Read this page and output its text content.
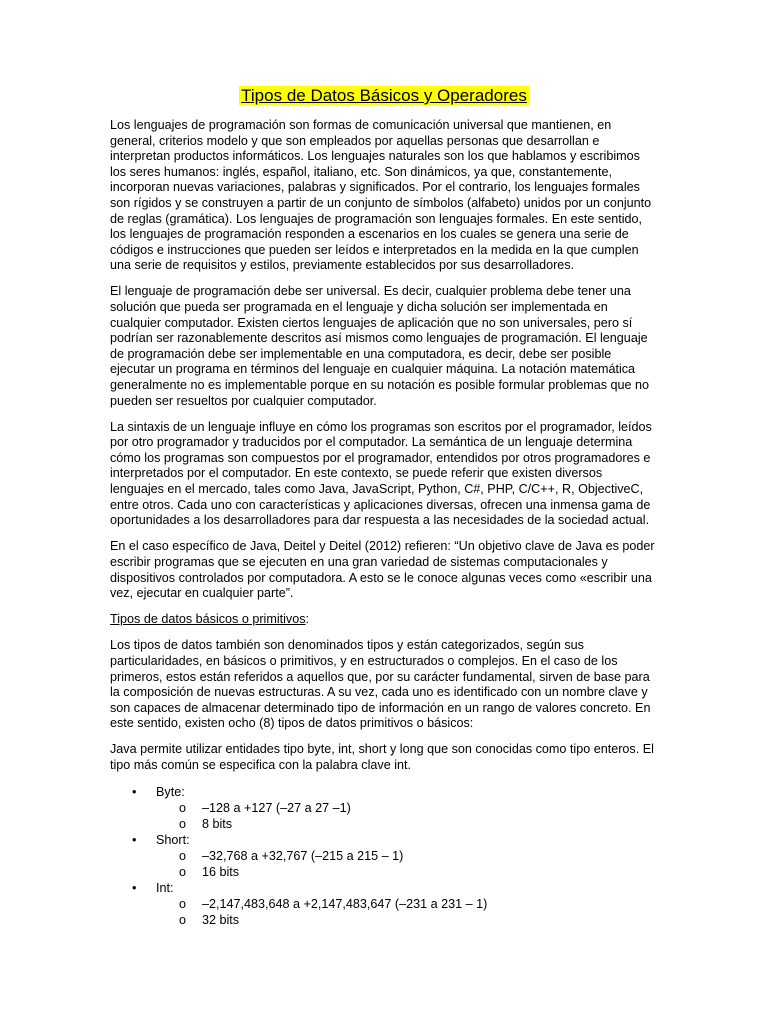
Tipos de Datos Básicos y Operadores

Los lenguajes de programación son formas de comunicación universal que mantienen, en general, criterios modelo y que son empleados por aquellas personas que desarrollan e interpretan productos informáticos. Los lenguajes naturales son los que hablamos y escribimos los seres humanos: inglés, español, italiano, etc. Son dinámicos, ya que, constantemente, incorporan nuevas variaciones, palabras y significados. Por el contrario, los lenguajes formales son rígidos y se construyen a partir de un conjunto de símbolos (alfabeto) unidos por un conjunto de reglas (gramática). Los lenguajes de programación son lenguajes formales. En este sentido, los lenguajes de programación responden a escenarios en los cuales se genera una serie de códigos e instrucciones que pueden ser leídos e interpretados en la medida en la que cumplen una serie de requisitos y estilos, previamente establecidos por sus desarrolladores.

El lenguaje de programación debe ser universal. Es decir, cualquier problema debe tener una solución que pueda ser programada en el lenguaje y dicha solución ser implementada en cualquier computador. Existen ciertos lenguajes de aplicación que no son universales, pero sí podrían ser razonablemente descritos así mismos como lenguajes de programación. El lenguaje de programación debe ser implementable en una computadora, es decir, debe ser posible ejecutar un programa en términos del lenguaje en cualquier máquina. La notación matemática generalmente no es implementable porque en su notación es posible formular problemas que no pueden ser resueltos por cualquier computador.

La sintaxis de un lenguaje influye en cómo los programas son escritos por el programador, leídos por otro programador y traducidos por el computador. La semántica de un lenguaje determina cómo los programas son compuestos por el programador, entendidos por otros programadores e interpretados por el computador. En este contexto, se puede referir que existen diversos lenguajes en el mercado, tales como Java, JavaScript, Python, C#, PHP, C/C++, R, ObjectiveC, entre otros. Cada uno con características y aplicaciones diversas, ofrecen una inmensa gama de oportunidades a los desarrolladores para dar respuesta a las necesidades de la sociedad actual.

En el caso específico de Java, Deitel y Deitel (2012) refieren: “Un objetivo clave de Java es poder escribir programas que se ejecuten en una gran variedad de sistemas computacionales y dispositivos controlados por computadora. A esto se le conoce algunas veces como «escribir una vez, ejecutar en cualquier parte”.

Tipos de datos básicos o primitivos:

Los tipos de datos también son denominados tipos y están categorizados, según sus particularidades, en básicos o primitivos, y en estructurados o complejos. En el caso de los primeros, estos están referidos a aquellos que, por su carácter fundamental, sirven de base para la composición de nuevas estructuras. A su vez, cada uno es identificado con un nombre clave y son capaces de almacenar determinado tipo de información en un rango de valores concreto. En este sentido, existen ocho (8) tipos de datos primitivos o básicos:

Java permite utilizar entidades tipo byte, int, short y long que son conocidas como tipo enteros. El tipo más común se especifica con la palabra clave int.

• Byte:
o –128 a +127 (–27 a 27 –1)
o 8 bits
• Short:
o –32,768 a +32,767 (–215 a 215 – 1)
o 16 bits
• Int:
o –2,147,483,648 a +2,147,483,647 (–231 a 231 – 1)
o 32 bits
